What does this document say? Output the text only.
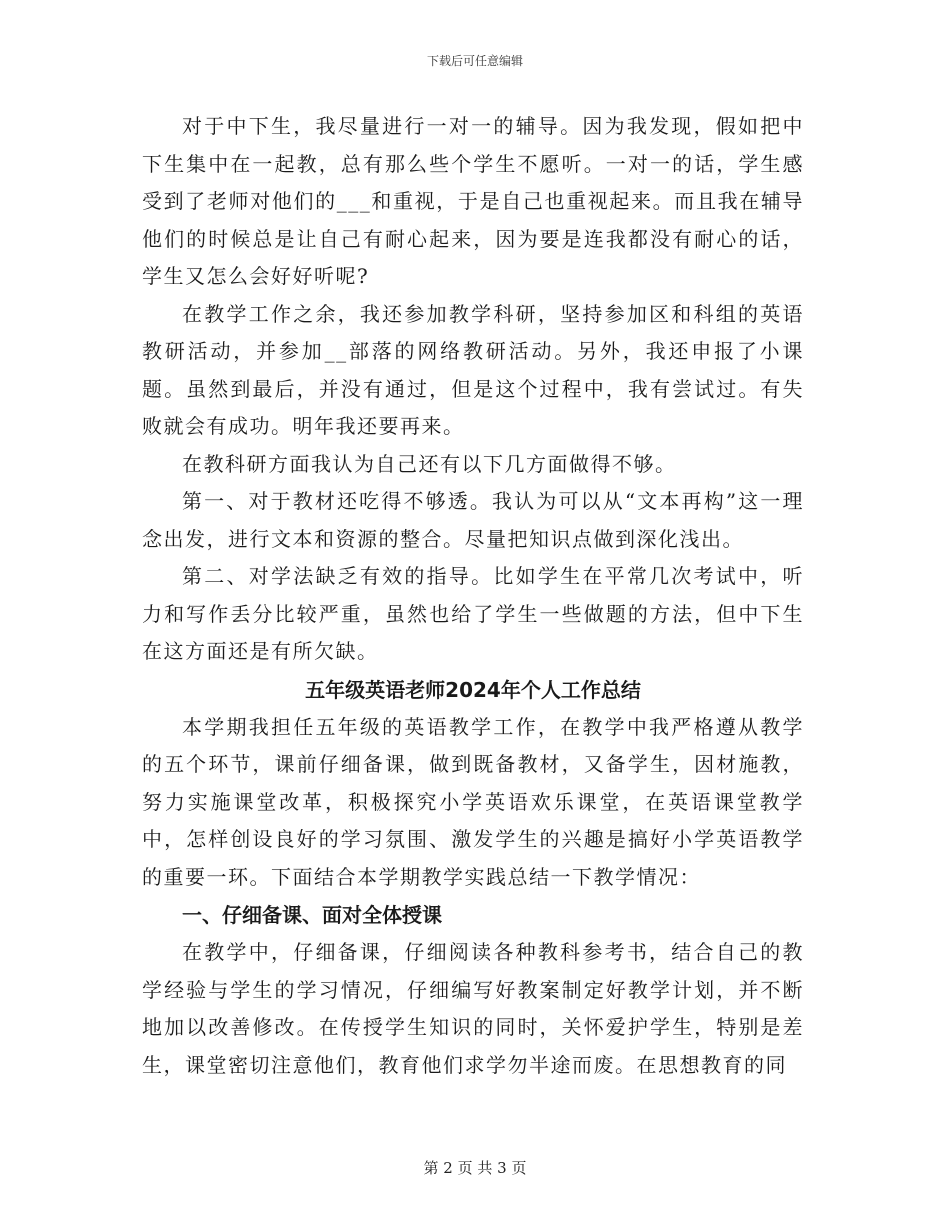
下载后可任意编辑

对于中下生，我尽量进行一对一的辅导。因为我发现，假如把中下生集中在一起教，总有那么些个学生不愿听。一对一的话，学生感受到了老师对他们的___和重视，于是自己也重视起来。而且我在辅导他们的时候总是让自己有耐心起来，因为要是连我都没有耐心的话，学生又怎么会好好听呢?

在教学工作之余，我还参加教学科研，坚持参加区和科组的英语教研活动，并参加__部落的网络教研活动。另外，我还申报了小课题。虽然到最后，并没有通过，但是这个过程中，我有尝试过。有失败就会有成功。明年我还要再来。

在教科研方面我认为自己还有以下几方面做得不够。

第一、对于教材还吃得不够透。我认为可以从“文本再构”这一理念出发，进行文本和资源的整合。尽量把知识点做到深化浅出。

第二、对学法缺乏有效的指导。比如学生在平常几次考试中，听力和写作丢分比较严重，虽然也给了学生一些做题的方法，但中下生在这方面还是有所欠缺。

五年级英语老师2024年个人工作总结

本学期我担任五年级的英语教学工作，在教学中我严格遵从教学的五个环节，课前仔细备课，做到既备教材，又备学生，因材施教，努力实施课堂改革，积极探究小学英语欢乐课堂，在英语课堂教学中，怎样创设良好的学习氛围、激发学生的兴趣是搞好小学英语教学的重要一环。下面结合本学期教学实践总结一下教学情况：

一、仔细备课、面对全体授课

在教学中，仔细备课，仔细阅读各种教科参考书，结合自己的教学经验与学生的学习情况，仔细编写好教案制定好教学计划，并不断地加以改善修改。在传授学生知识的同时，关怀爱护学生，特别是差生，课堂密切注意他们，教育他们求学勿半途而废。在思想教育的同

第 2 页 共 3 页
